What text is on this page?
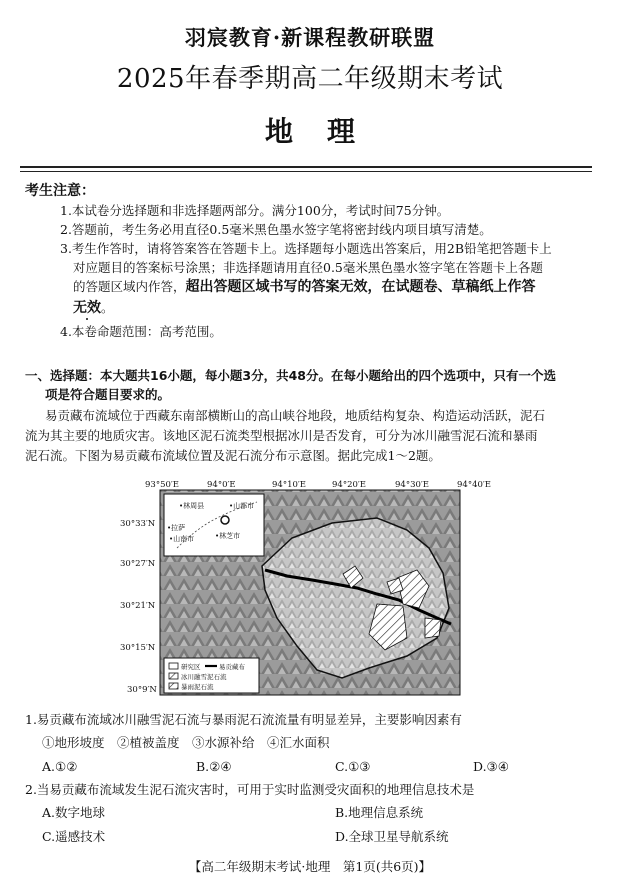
羽宸教育·新课程教研联盟
2025年春季期高二年级期末考试
地理
考生注意：
1.本试卷分选择题和非选择题两部分。满分100分，考试时间75分钟。
2.答题前，考生务必用直径0.5毫米黑色墨水签字笔将密封线内项目填写清楚。
3.考生作答时，请将答案答在答题卡上。选择题每小题选出答案后，用2B铅笔把答题卡上
对应题目的答案标号涂黑；非选择题请用直径0.5毫米黑色墨水签字笔在答题卡上各题
的答题区域内作答，超出答题区域书写的答案无效，在试题卷、草稿纸上作答
无效。
4.本卷命题范围：高考范围。
一、选择题：本大题共16小题，每小题3分，共48分。在每小题给出的四个选项中，只有一个选
项是符合题目要求的。
易贡藏布流域位于西藏东南部横断山的高山峡谷地段，地质结构复杂、构造运动活跃，泥石
流为其主要的地质灾害。该地区泥石流类型根据冰川是否发育，可分为冰川融雪泥石流和暴雨
泥石流。下图为易贡藏布流域位置及泥石流分布示意图。据此完成1～2题。
•林周县	•山都市
•拉萨
•山南市	•林芝市
研究区	易贡藏布
冰川融雪泥石流
暴雨泥石流
93°50′E	94°0′E	94°10′E	94°20′E	94°30′E	94°40′E
30°33′N
30°27′N
30°21′N
30°15′N
30°9′N
1.易贡藏布流域冰川融雪泥石流与暴雨泥石流流量有明显差异，主要影响因素有
①地形坡度　②植被盖度　③水源补给　④汇水面积
A.①②	B.②④	C.①③	D.③④
2.当易贡藏布流域发生泥石流灾害时，可用于实时监测受灾面积的地理信息技术是
A.数字地球	B.地理信息系统
C.遥感技术	D.全球卫星导航系统
【高二年级期末考试·地理　第1页(共6页)】
